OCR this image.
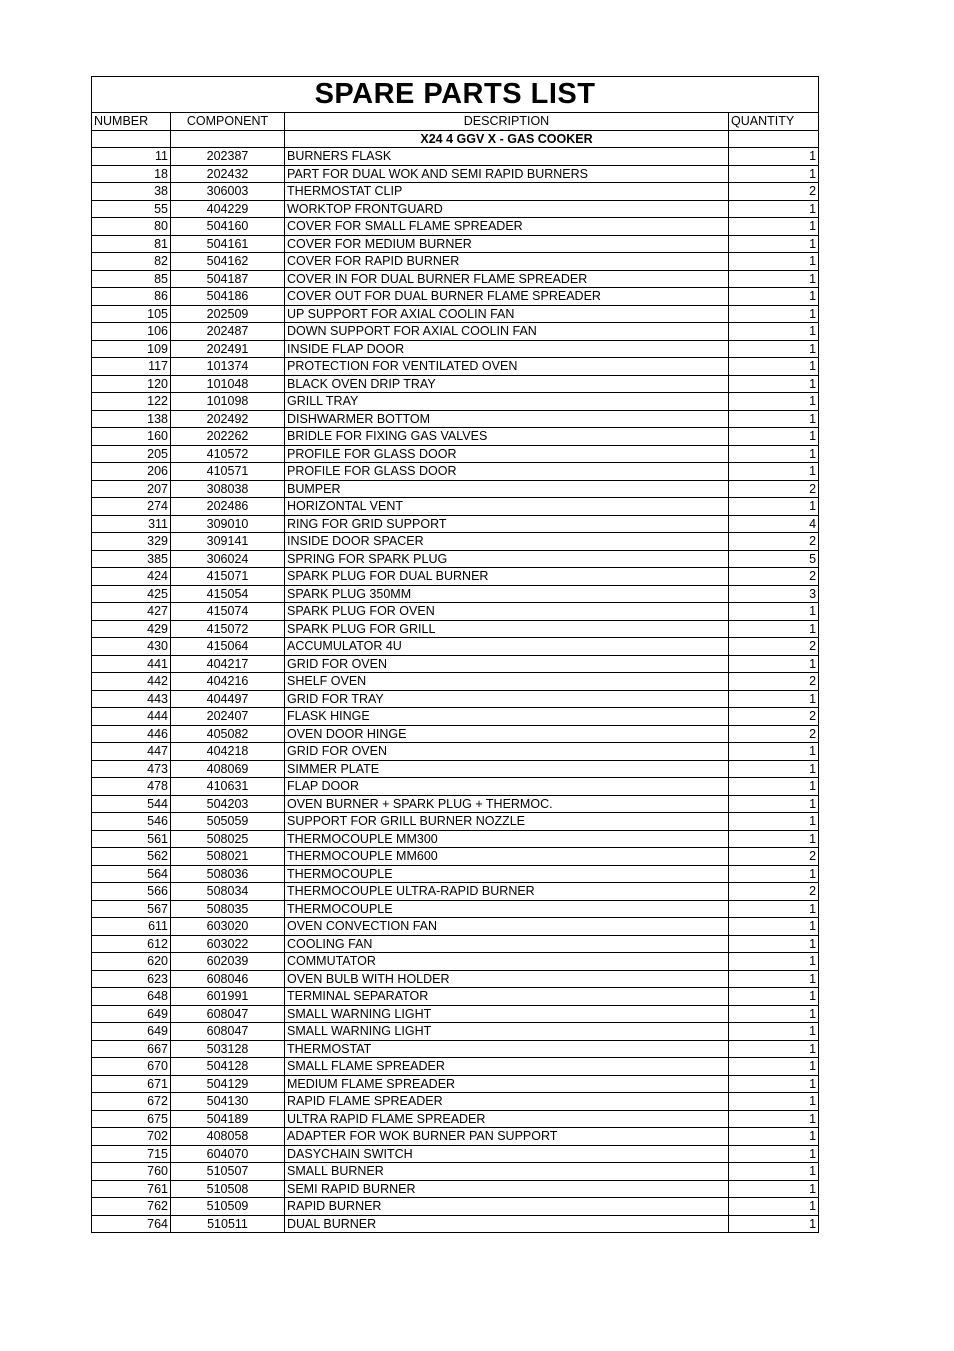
SPARE PARTS LIST			
NUMBER	COMPONENT	DESCRIPTION	QUANTITY
		X24 4 GGV X - GAS COOKER	
11	202387	BURNERS FLASK	1
18	202432	PART FOR DUAL WOK AND SEMI RAPID BURNERS	1
38	306003	THERMOSTAT CLIP	2
55	404229	WORKTOP FRONTGUARD	1
80	504160	COVER FOR SMALL FLAME SPREADER	1
81	504161	COVER FOR MEDIUM BURNER	1
82	504162	COVER FOR RAPID BURNER	1
85	504187	COVER IN FOR DUAL BURNER FLAME SPREADER	1
86	504186	COVER OUT FOR DUAL BURNER FLAME SPREADER	1
105	202509	UP SUPPORT FOR AXIAL COOLIN FAN	1
106	202487	DOWN SUPPORT FOR AXIAL COOLIN FAN	1
109	202491	INSIDE FLAP DOOR	1
117	101374	PROTECTION FOR VENTILATED OVEN	1
120	101048	BLACK OVEN DRIP TRAY	1
122	101098	GRILL TRAY	1
138	202492	DISHWARMER BOTTOM	1
160	202262	BRIDLE FOR FIXING GAS VALVES	1
205	410572	PROFILE FOR GLASS DOOR	1
206	410571	PROFILE FOR GLASS DOOR	1
207	308038	BUMPER	2
274	202486	HORIZONTAL VENT	1
311	309010	RING FOR GRID SUPPORT	4
329	309141	INSIDE DOOR SPACER	2
385	306024	SPRING FOR SPARK PLUG	5
424	415071	SPARK PLUG FOR DUAL BURNER	2
425	415054	SPARK PLUG 350MM	3
427	415074	SPARK PLUG FOR OVEN	1
429	415072	SPARK PLUG FOR GRILL	1
430	415064	ACCUMULATOR 4U	2
441	404217	GRID FOR OVEN	1
442	404216	SHELF OVEN	2
443	404497	GRID FOR TRAY	1
444	202407	FLASK HINGE	2
446	405082	OVEN DOOR HINGE	2
447	404218	GRID FOR OVEN	1
473	408069	SIMMER PLATE	1
478	410631	FLAP DOOR	1
544	504203	OVEN BURNER + SPARK PLUG + THERMOC.	1
546	505059	SUPPORT FOR GRILL BURNER NOZZLE	1
561	508025	THERMOCOUPLE MM300	1
562	508021	THERMOCOUPLE MM600	2
564	508036	THERMOCOUPLE	1
566	508034	THERMOCOUPLE ULTRA-RAPID BURNER	2
567	508035	THERMOCOUPLE	1
611	603020	OVEN CONVECTION FAN	1
612	603022	COOLING FAN	1
620	602039	COMMUTATOR	1
623	608046	OVEN BULB WITH HOLDER	1
648	601991	TERMINAL SEPARATOR	1
649	608047	SMALL WARNING LIGHT	1
649	608047	SMALL WARNING LIGHT	1
667	503128	THERMOSTAT	1
670	504128	SMALL FLAME SPREADER	1
671	504129	MEDIUM FLAME SPREADER	1
672	504130	RAPID FLAME SPREADER	1
675	504189	ULTRA RAPID FLAME SPREADER	1
702	408058	ADAPTER FOR WOK BURNER PAN SUPPORT	1
715	604070	DASYCHAIN SWITCH	1
760	510507	SMALL BURNER	1
761	510508	SEMI RAPID BURNER	1
762	510509	RAPID BURNER	1
764	510511	DUAL BURNER	1
